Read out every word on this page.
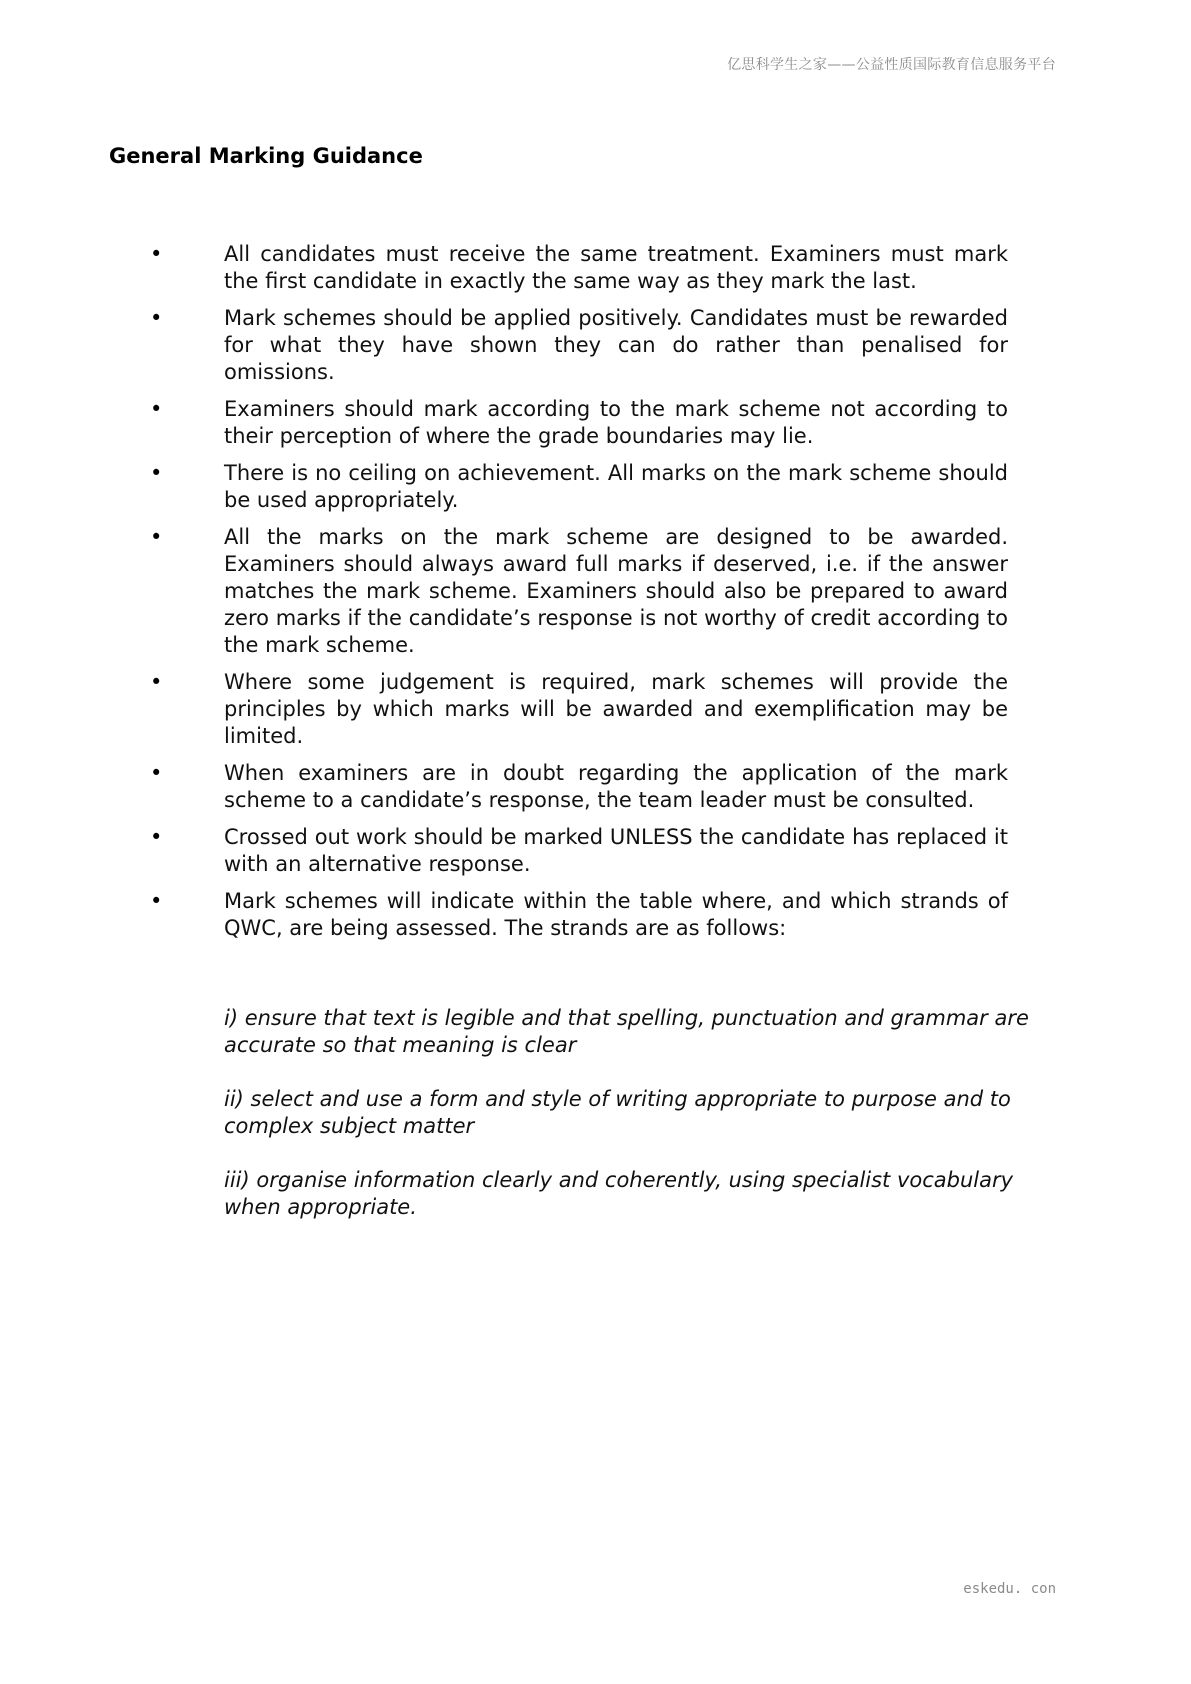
亿思科学生之家——公益性质国际教育信息服务平台
General Marking Guidance
•	All candidates must receive the same treatment. Examiners must mark the first candidate in exactly the same way as they mark the last.
•	Mark schemes should be applied positively. Candidates must be rewarded for what they have shown they can do rather than penalised for omissions.
•	Examiners should mark according to the mark scheme not according to their perception of where the grade boundaries may lie.
•	There is no ceiling on achievement. All marks on the mark scheme should be used appropriately.
•	All the marks on the mark scheme are designed to be awarded. Examiners should always award full marks if deserved, i.e. if the answer matches the mark scheme. Examiners should also be prepared to award zero marks if the candidate’s response is not worthy of credit according to the mark scheme.
•	Where some judgement is required, mark schemes will provide the principles by which marks will be awarded and exemplification may be limited.
•	When examiners are in doubt regarding the application of the mark scheme to a candidate’s response, the team leader must be consulted.
•	Crossed out work should be marked UNLESS the candidate has replaced it with an alternative response.
•	Mark schemes will indicate within the table where, and which strands of QWC, are being assessed. The strands are as follows:
i) ensure that text is legible and that spelling, punctuation and grammar are accurate so that meaning is clear
ii) select and use a form and style of writing appropriate to purpose and to complex subject matter
iii) organise information clearly and coherently, using specialist vocabulary when appropriate.
eskedu. con
